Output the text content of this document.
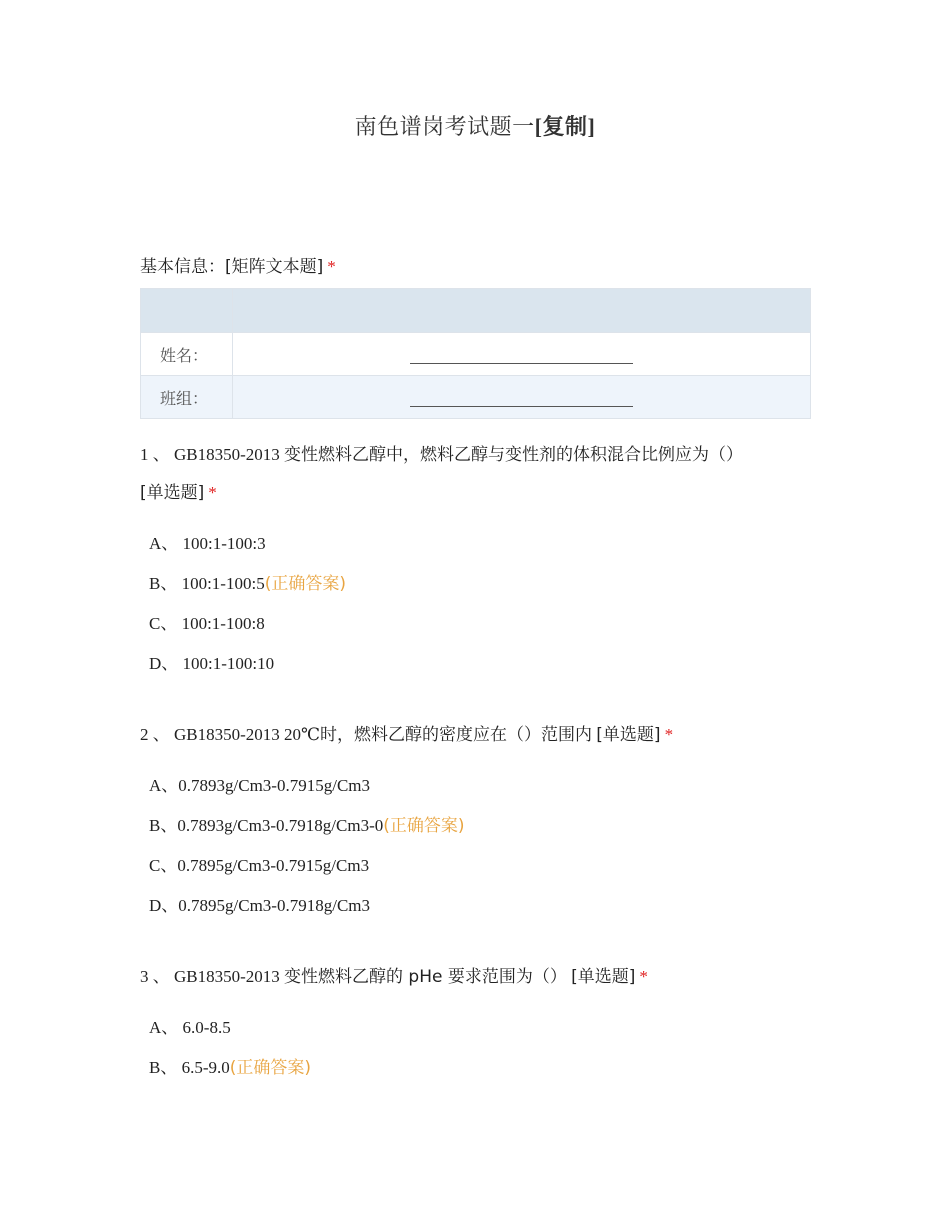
南色谱岗考试题一[复制]
基本信息：[矩阵文本题] *

姓名：	
班组：	
1 、 GB18350-2013 变性燃料乙醇中，燃料乙醇与变性剂的体积混合比例应为（）
[单选题] *
A、 100:1-100:3
B、 100:1-100:5(正确答案)
C、 100:1-100:8
D、 100:1-100:10
2 、 GB18350-2013 20℃时，燃料乙醇的密度应在（）范围内 [单选题] *
A、0.7893g/Cm3-0.7915g/Cm3
B、0.7893g/Cm3-0.7918g/Cm3-0(正确答案)
C、0.7895g/Cm3-0.7915g/Cm3
D、0.7895g/Cm3-0.7918g/Cm3
3 、 GB18350-2013 变性燃料乙醇的 pHe 要求范围为（） [单选题] *
A、 6.0-8.5
B、 6.5-9.0(正确答案)
